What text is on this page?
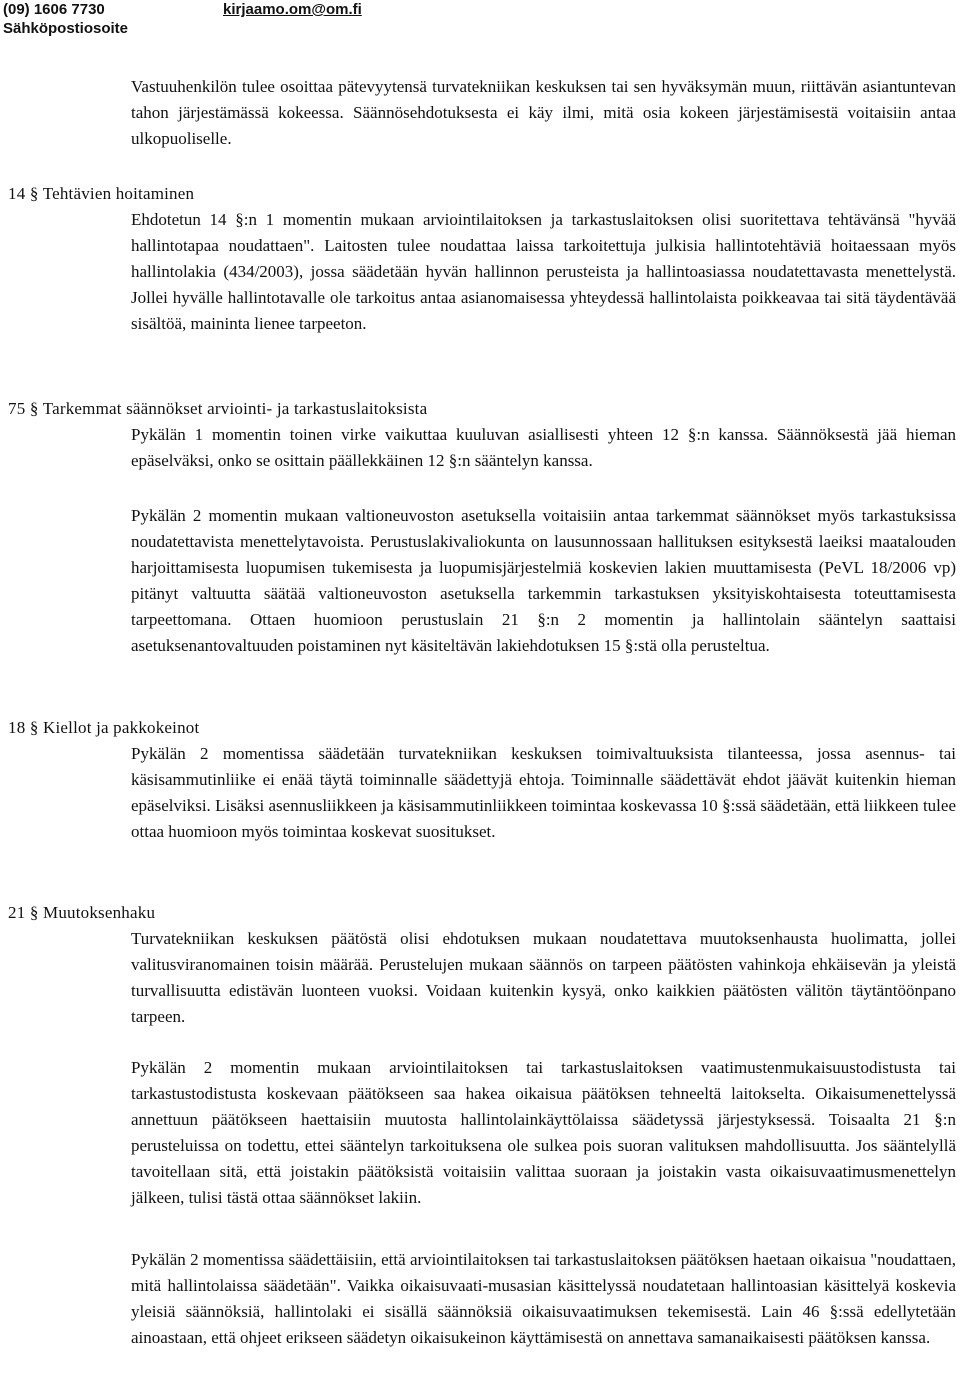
(09) 1606 7730	kirjaamo.om@om.fi
Sähköpostiosoite
Vastuuhenkilön tulee osoittaa pätevyytensä turvatekniikan keskuksen tai sen hyväksymän muun, riittävän asiantuntevan tahon järjestämässä kokeessa. Säännösehdotuksesta ei käy ilmi, mitä osia kokeen järjestämisestä voitaisiin antaa ulkopuoliselle.
14 § Tehtävien hoitaminen
Ehdotetun 14 §:n 1 momentin mukaan arviointilaitoksen ja tarkastuslaitoksen olisi suoritettava tehtävänsä "hyvää hallintotapaa noudattaen". Laitosten tulee noudattaa laissa tarkoitettuja julkisia hallintotehtäviä hoitaessaan myös hallintolakia (434/2003), jossa säädetään hyvän hallinnon perusteista ja hallintoasiassa noudatettavasta menettelystä. Jollei hyvälle hallintotavalle ole tarkoitus antaa asianomaisessa yhteydessä hallintolaista poikkeavaa tai sitä täydentävää sisältöä, maininta lienee tarpeeton.
75 § Tarkemmat säännökset arviointi- ja tarkastuslaitoksista
Pykälän 1 momentin toinen virke vaikuttaa kuuluvan asiallisesti yhteen 12 §:n kanssa. Säännöksestä jää hieman epäselväksi, onko se osittain päällekkäinen 12 §:n sääntelyn kanssa.
Pykälän 2 momentin mukaan valtioneuvoston asetuksella voitaisiin antaa tarkemmat säännökset myös tarkastuksissa noudatettavista menettelytavoista. Perustuslakivaliokunta on lausunnossaan hallituksen esityksestä laeiksi maatalouden harjoittamisesta luopumisen tukemisesta ja luopumisjärjestelmiä koskevien lakien muuttamisesta (PeVL 18/2006 vp) pitänyt valtuutta säätää valtioneuvoston asetuksella tarkemmin tarkastuksen yksityiskohtaisesta toteuttamisesta tarpeettomana. Ottaen huomioon perustuslain 21 §:n 2 momentin ja hallintolain sääntelyn saattaisi asetuksenantovaltuuden poistaminen nyt käsiteltävän lakiehdotuksen 15 §:stä olla perusteltua.
18 § Kiellot ja pakkokeinot
Pykälän 2 momentissa säädetään turvatekniikan keskuksen toimivaltuuksista tilanteessa, jossa asennus- tai käsisammutinliike ei enää täytä toiminnalle säädettyjä ehtoja. Toiminnalle säädettävät ehdot jäävät kuitenkin hieman epäselviksi. Lisäksi asennusliikkeen ja käsisammutinliikkeen toimintaa koskevassa 10 §:ssä säädetään, että liikkeen tulee ottaa huomioon myös toimintaa koskevat suositukset.
21 § Muutoksenhaku
Turvatekniikan keskuksen päätöstä olisi ehdotuksen mukaan noudatettava muutoksenhausta huolimatta, jollei valitusviranomainen toisin määrää. Perustelujen mukaan säännös on tarpeen päätösten vahinkoja ehkäisevän ja yleistä turvallisuutta edistävän luonteen vuoksi. Voidaan kuitenkin kysyä, onko kaikkien päätösten välitön täytäntöönpano tarpeen.
Pykälän 2 momentin mukaan arviointilaitoksen tai tarkastuslaitoksen vaatimustenmukaisuustodistusta tai tarkastustodistusta koskevaan päätökseen saa hakea oikaisua päätöksen tehneeltä laitokselta. Oikaisumenettelyssä annettuun päätökseen haettaisiin muutosta hallintolainkäyttölaissa säädetyssä järjestyksessä. Toisaalta 21 §:n perusteluissa on todettu, ettei sääntelyn tarkoituksena ole sulkea pois suoran valituksen mahdollisuutta. Jos sääntelyllä tavoitellaan sitä, että joistakin päätöksistä voitaisiin valittaa suoraan ja joistakin vasta oikaisuvaatimusmenettelyn jälkeen, tulisi tästä ottaa säännökset lakiin.
Pykälän 2 momentissa säädettäisiin, että arviointilaitoksen tai tarkastuslaitoksen päätöksen haetaan oikaisua "noudattaen, mitä hallintolaissa säädetään". Vaikka oikaisuvaati-musasian käsittelyssä noudatetaan hallintoasian käsittelyä koskevia yleisiä säännöksiä, hallintolaki ei sisällä säännöksiä oikaisuvaatimuksen tekemisestä. Lain 46 §:ssä edellytetään ainoastaan, että ohjeet erikseen säädetyn oikaisukeinon käyttämisestä on annettava samanaikaisesti päätöksen kanssa.
